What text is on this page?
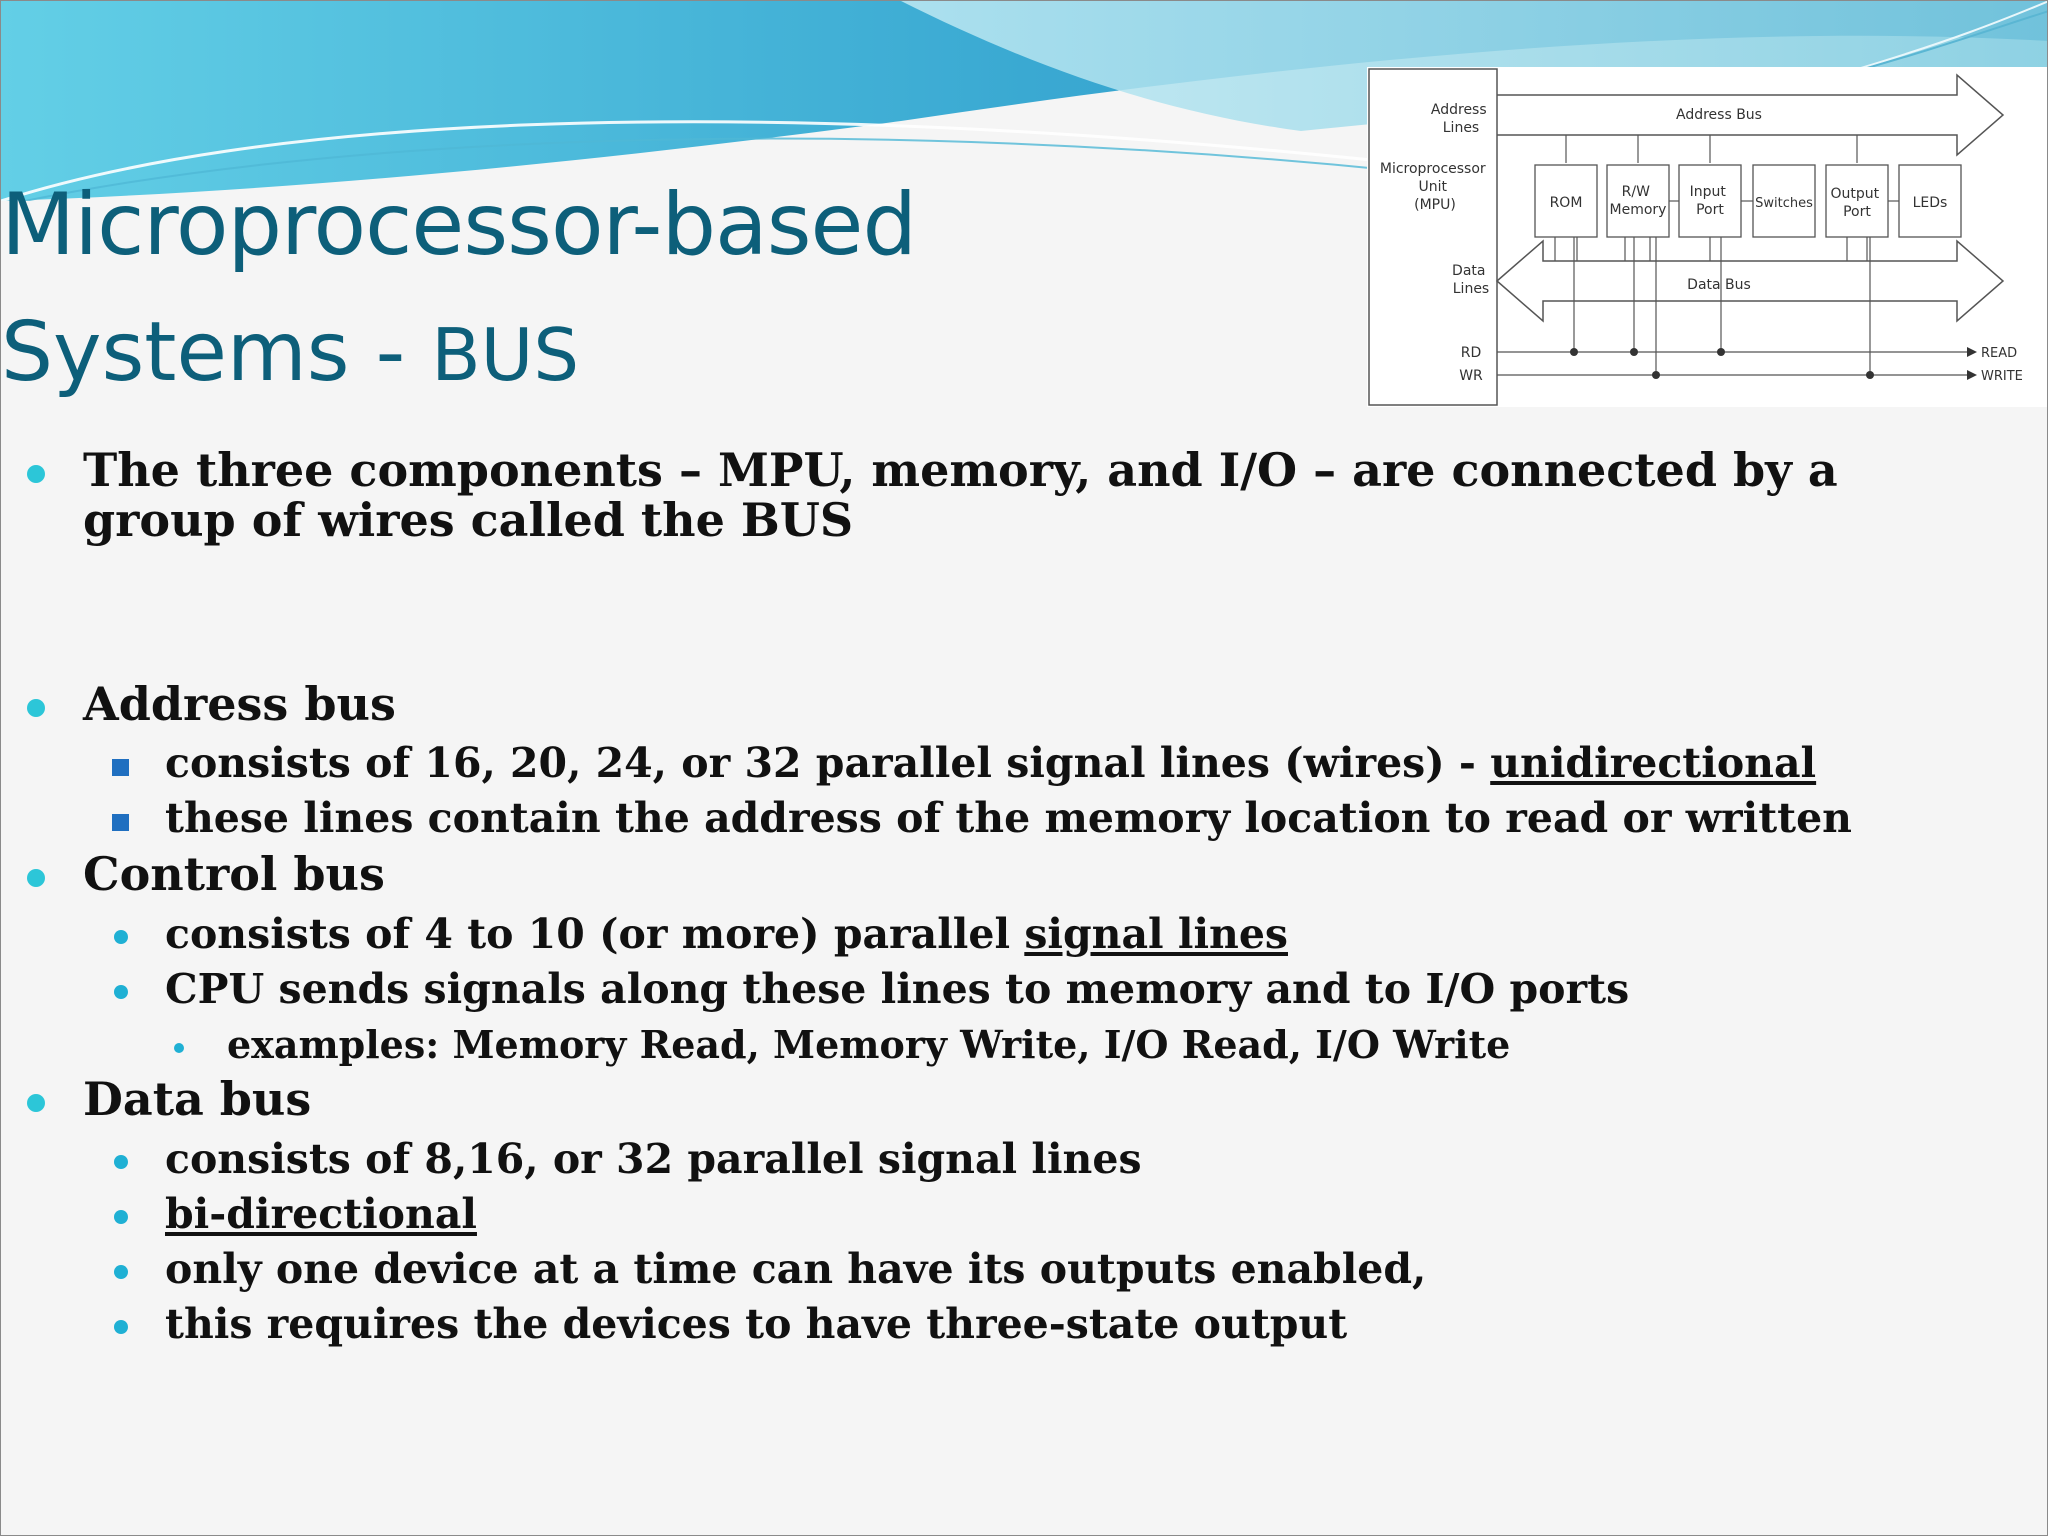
Microprocessor-based
Systems - BUS
Address Lines
Microprocessor Unit (MPU)
Data Lines
Address Bus
ROM
R/W Memory
Input Port	Switches
Output Port
LEDs
Data Bus
RD
WR
READ
WRITE
The three components – MPU, memory, and I/O – are connected by a
group of wires called the BUS
Address bus
consists of 16, 20, 24, or 32 parallel signal lines (wires) - unidirectional
these lines contain the address of the memory location to read or written
Control bus
consists of 4 to 10 (or more) parallel signal lines
CPU sends signals along these lines to memory and to I/O ports
examples: Memory Read, Memory Write, I/O Read, I/O Write
Data bus
consists of 8,16, or 32 parallel signal lines
bi-directional
only one device at a time can have its outputs enabled,
this requires the devices to have three-state output
